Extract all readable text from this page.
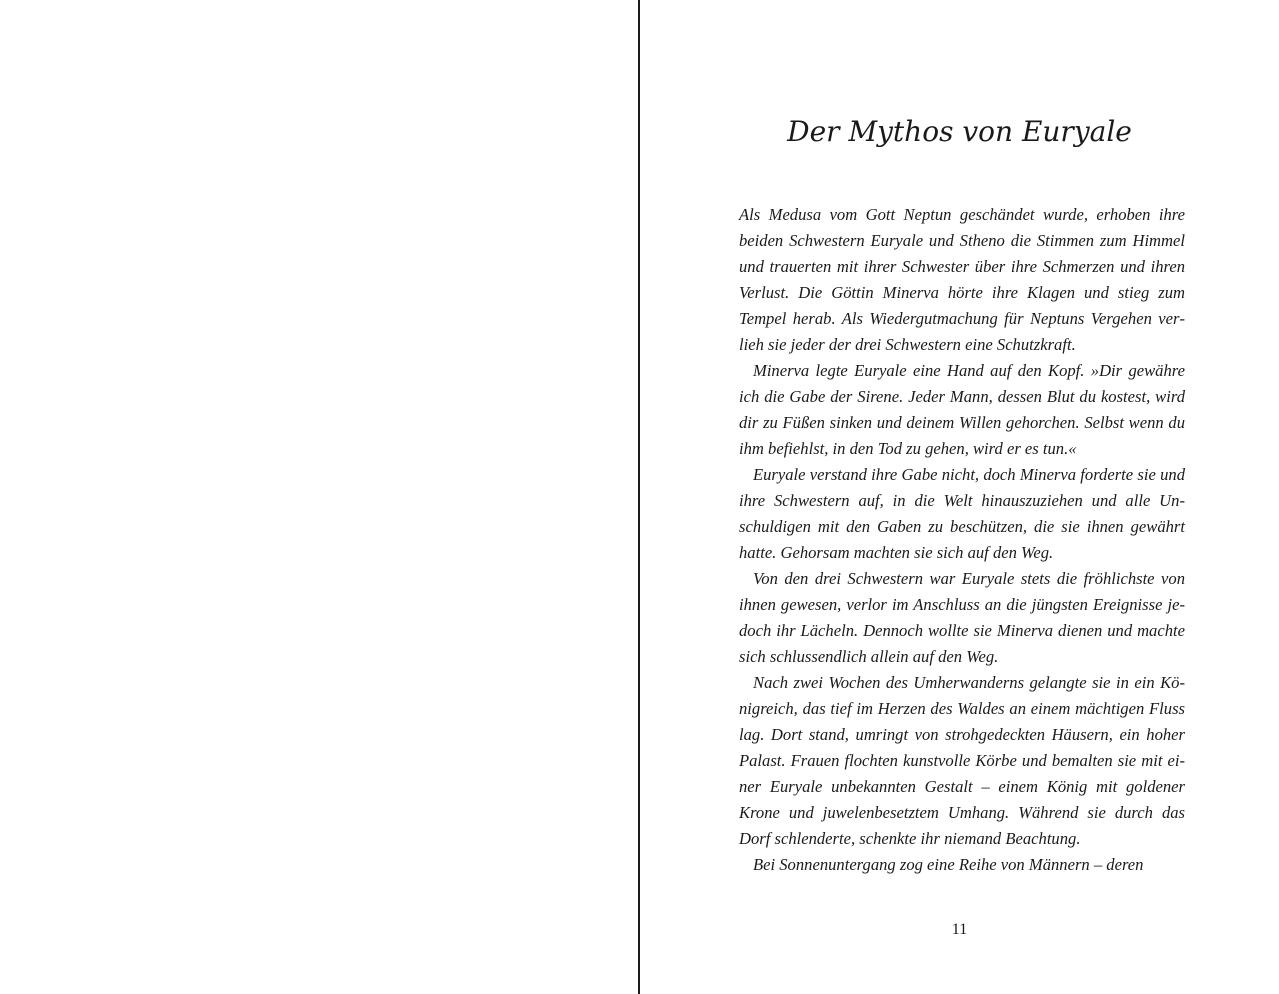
Der Mythos von Euryale

Als Medusa vom Gott Neptun geschändet wurde, erhoben ihre beiden Schwestern Euryale und Stheno die Stimmen zum Himmel und trauerten mit ihrer Schwester über ihre Schmerzen und ihren Verlust. Die Göttin Minerva hörte ihre Klagen und stieg zum Tempel herab. Als Wiedergutmachung für Neptuns Vergehen verlieh sie jeder der drei Schwestern eine Schutzkraft.

Minerva legte Euryale eine Hand auf den Kopf. »Dir gewähre ich die Gabe der Sirene. Jeder Mann, dessen Blut du kostest, wird dir zu Füßen sinken und deinem Willen gehorchen. Selbst wenn du ihm befiehlst, in den Tod zu gehen, wird er es tun.«

Euryale verstand ihre Gabe nicht, doch Minerva forderte sie und ihre Schwestern auf, in die Welt hinauszuziehen und alle Unschuldigen mit den Gaben zu beschützen, die sie ihnen gewährt hatte. Gehorsam machten sie sich auf den Weg.

Von den drei Schwestern war Euryale stets die fröhlichste von ihnen gewesen, verlor im Anschluss an die jüngsten Ereignisse jedoch ihr Lächeln. Dennoch wollte sie Minerva dienen und machte sich schlussendlich allein auf den Weg.

Nach zwei Wochen des Umherwanderns gelangte sie in ein Königreich, das tief im Herzen des Waldes an einem mächtigen Fluss lag. Dort stand, umringt von strohgedeckten Häusern, ein hoher Palast. Frauen flochten kunstvolle Körbe und bemalten sie mit einer Euryale unbekannten Gestalt – einem König mit goldener Krone und juwelenbesetztem Umhang. Während sie durch das Dorf schlenderte, schenkte ihr niemand Beachtung.

Bei Sonnenuntergang zog eine Reihe von Männern – deren

11
